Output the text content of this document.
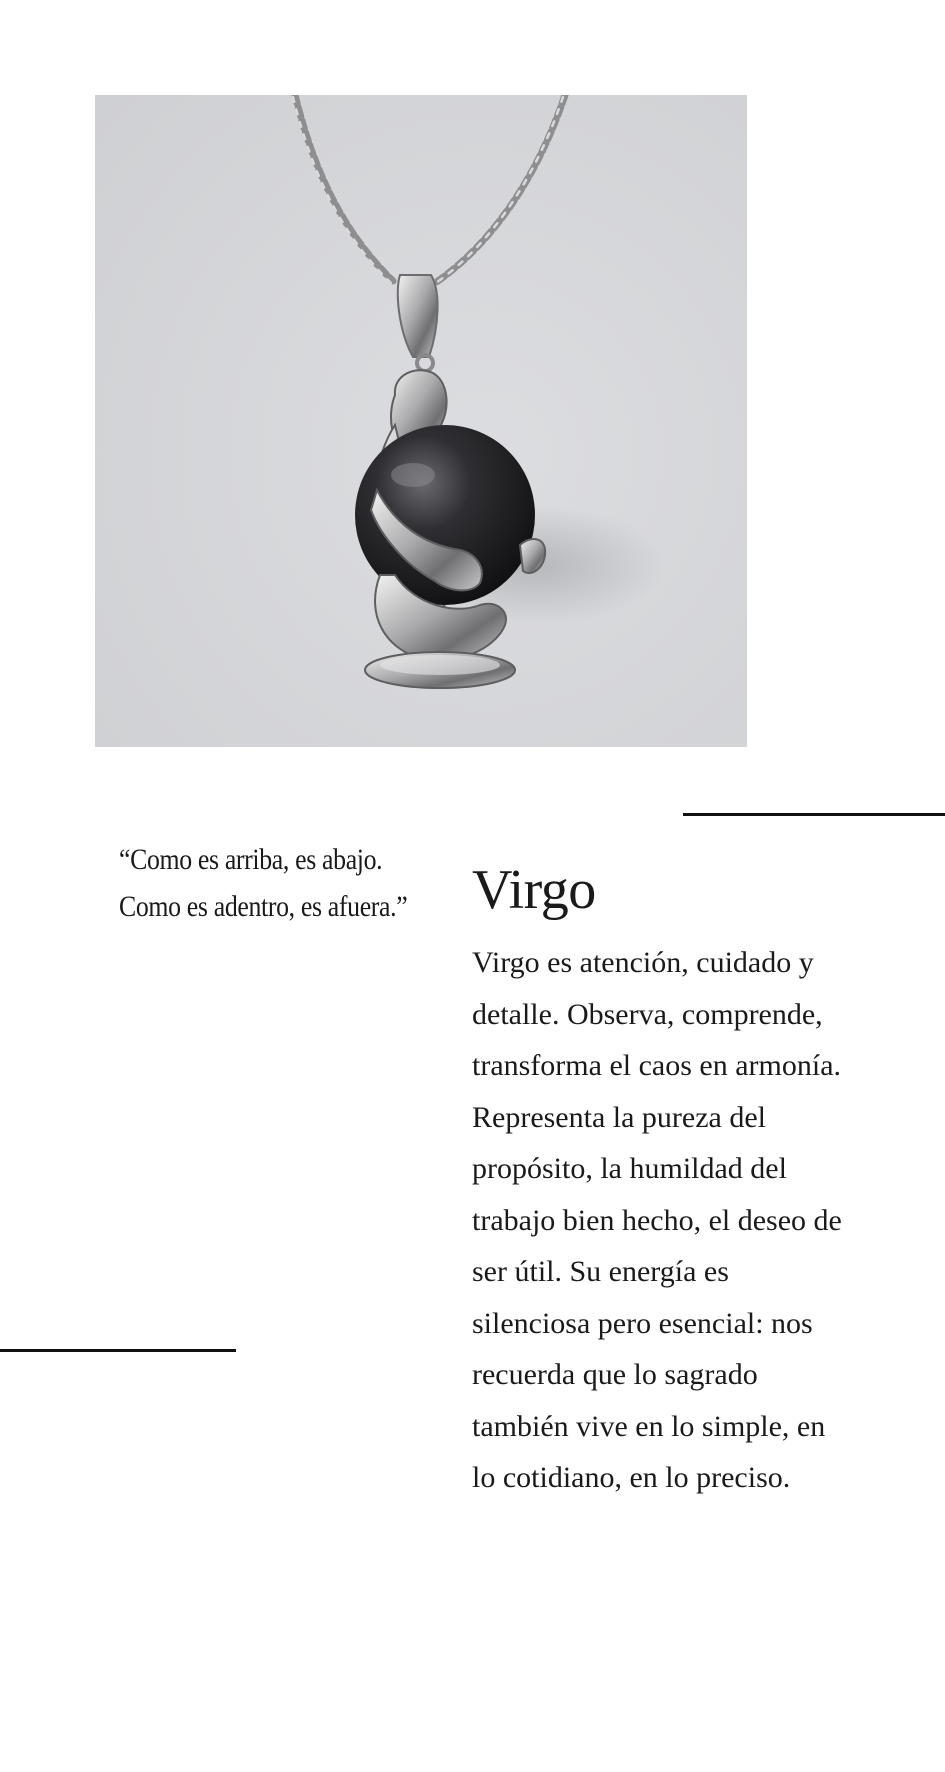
“Como es arriba, es abajo. Como es adentro, es afuera.”	Virgo

Virgo es atención, cuidado y detalle. Observa, comprende, transforma el caos en armonía. Representa la pureza del propósito, la humildad del trabajo bien hecho, el deseo de ser útil. Su energía es silenciosa pero esencial: nos recuerda que lo sagrado también vive en lo simple, en lo cotidiano, en lo preciso.
